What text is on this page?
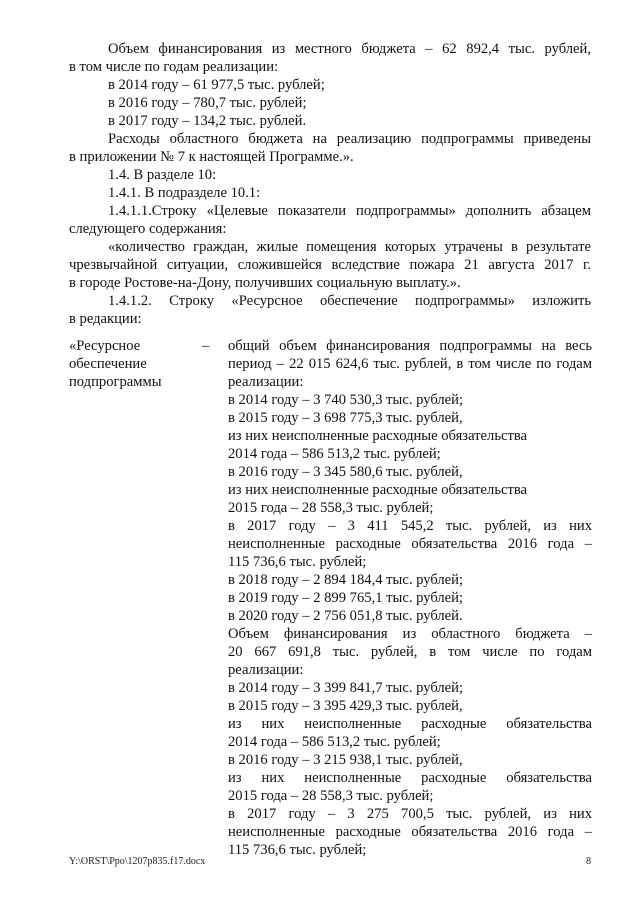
Объем финансирования из местного бюджета – 62 892,4 тыс. рублей,
в том числе по годам реализации:
в 2014 году – 61 977,5 тыс. рублей;
в 2016 году – 780,7 тыс. рублей;
в 2017 году – 134,2 тыс. рублей.
Расходы областного бюджета на реализацию подпрограммы приведены
в приложении № 7 к настоящей Программе.».
1.4. В разделе 10:
1.4.1. В подразделе 10.1:
1.4.1.1.Строку «Целевые показатели подпрограммы» дополнить абзацем
следующего содержания:
«количество граждан, жилые помещения которых утрачены в результате
чрезвычайной ситуации, сложившейся вследствие пожара 21 августа 2017 г.
в городе Ростове-на-Дону, получивших социальную выплату.».
1.4.1.2. Строку «Ресурсное обеспечение подпрограммы» изложить
в редакции:
«Ресурсное
обеспечение
подпрограммы
– общий объем финансирования подпрограммы на весь
период – 22 015 624,6 тыс. рублей, в том числе по годам
реализации:
в 2014 году – 3 740 530,3 тыс. рублей;
в 2015 году – 3 698 775,3 тыс. рублей,
из них неисполненные расходные обязательства
2014 года – 586 513,2 тыс. рублей;
в 2016 году – 3 345 580,6 тыс. рублей,
из них неисполненные расходные обязательства
2015 года – 28 558,3 тыс. рублей;
в 2017 году – 3 411 545,2 тыс. рублей, из них
неисполненные расходные обязательства 2016 года –
115 736,6 тыс. рублей;
в 2018 году – 2 894 184,4 тыс. рублей;
в 2019 году – 2 899 765,1 тыс. рублей;
в 2020 году – 2 756 051,8 тыс. рублей.
Объем финансирования из областного бюджета –
20 667 691,8 тыс. рублей, в том числе по годам
реализации:
в 2014 году – 3 399 841,7 тыс. рублей;
в 2015 году – 3 395 429,3 тыс. рублей,
из них неисполненные расходные обязательства
2014 года – 586 513,2 тыс. рублей;
в 2016 году – 3 215 938,1 тыс. рублей,
из них неисполненные расходные обязательства
2015 года – 28 558,3 тыс. рублей;
в 2017 году – 3 275 700,5 тыс. рублей, из них
неисполненные расходные обязательства 2016 года –
115 736,6 тыс. рублей;
Y:\ORST\Ppo\1207p835.f17.docx	8
